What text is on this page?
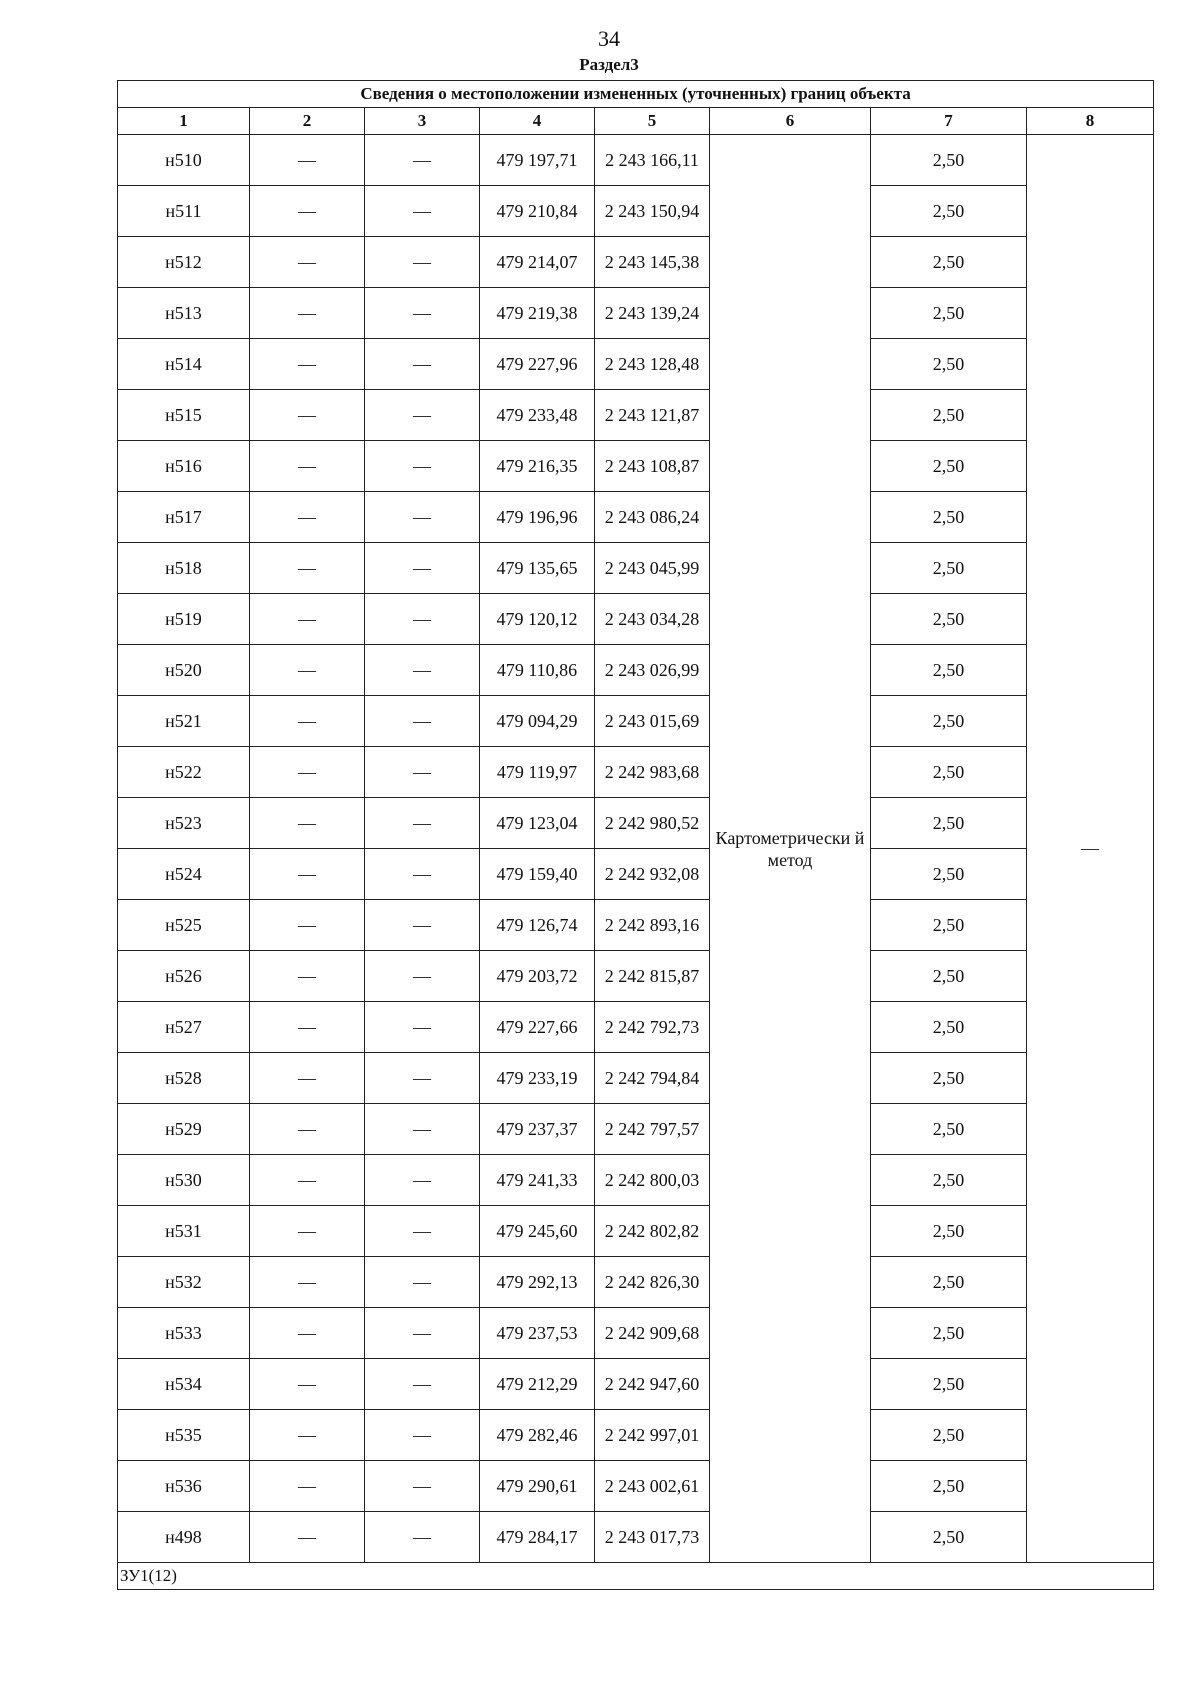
34
Раздел3
Сведения о местоположении измененных (уточненных) границ объекта							
1	2	3	4	5	6	7	8
н510	—	—	479 197,71	2 243 166,11	Картометрически й метод	2,50	—
н511	—	—	479 210,84	2 243 150,94		2,50	
н512	—	—	479 214,07	2 243 145,38		2,50	
н513	—	—	479 219,38	2 243 139,24		2,50	
н514	—	—	479 227,96	2 243 128,48		2,50	
н515	—	—	479 233,48	2 243 121,87		2,50	
н516	—	—	479 216,35	2 243 108,87		2,50	
н517	—	—	479 196,96	2 243 086,24		2,50	
н518	—	—	479 135,65	2 243 045,99		2,50	
н519	—	—	479 120,12	2 243 034,28		2,50	
н520	—	—	479 110,86	2 243 026,99		2,50	
н521	—	—	479 094,29	2 243 015,69		2,50	
н522	—	—	479 119,97	2 242 983,68		2,50	
н523	—	—	479 123,04	2 242 980,52		2,50	
н524	—	—	479 159,40	2 242 932,08		2,50	
н525	—	—	479 126,74	2 242 893,16		2,50	
н526	—	—	479 203,72	2 242 815,87		2,50	
н527	—	—	479 227,66	2 242 792,73		2,50	
н528	—	—	479 233,19	2 242 794,84		2,50	
н529	—	—	479 237,37	2 242 797,57		2,50	
н530	—	—	479 241,33	2 242 800,03		2,50	
н531	—	—	479 245,60	2 242 802,82		2,50	
н532	—	—	479 292,13	2 242 826,30		2,50	
н533	—	—	479 237,53	2 242 909,68		2,50	
н534	—	—	479 212,29	2 242 947,60		2,50	
н535	—	—	479 282,46	2 242 997,01		2,50	
н536	—	—	479 290,61	2 243 002,61		2,50	
н498	—	—	479 284,17	2 243 017,73		2,50	
ЗУ1(12)							
